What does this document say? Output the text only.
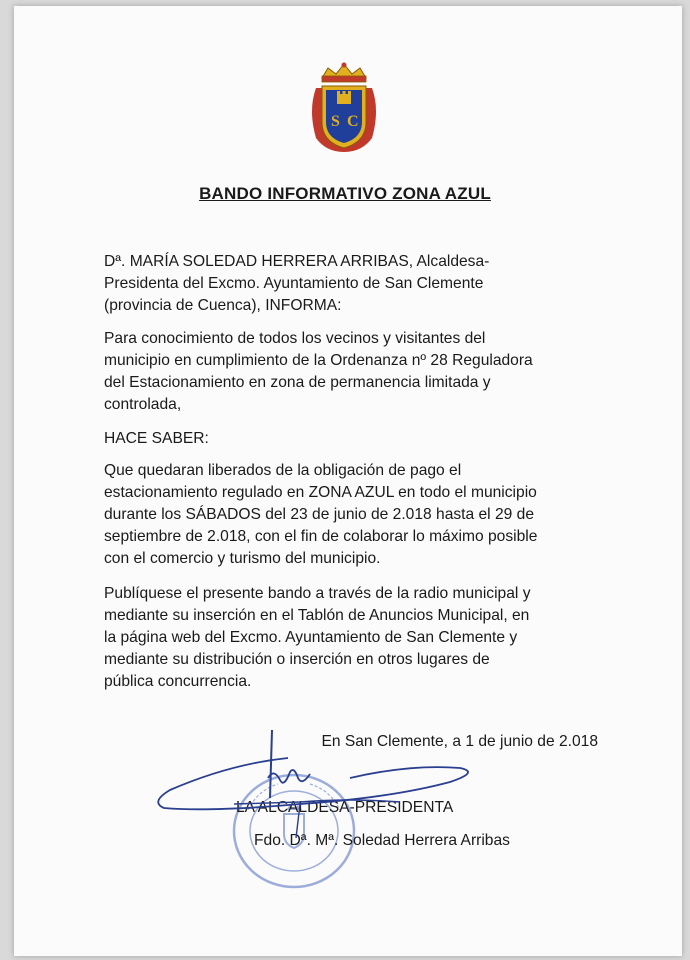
S C
BANDO INFORMATIVO ZONA AZUL

Dª. MARÍA SOLEDAD HERRERA ARRIBAS, Alcaldesa-
Presidenta del Excmo. Ayuntamiento de San Clemente
(provincia de Cuenca), INFORMA:

Para conocimiento de todos los vecinos y visitantes del
municipio en cumplimiento de la Ordenanza nº 28 Reguladora
del Estacionamiento en zona de permanencia limitada y
controlada,

HACE SABER:

Que quedaran liberados de la obligación de pago el
estacionamiento regulado en ZONA AZUL en todo el municipio
durante los SÁBADOS del 23 de junio de 2.018 hasta el 29 de
septiembre de 2.018, con el fin de colaborar lo máximo posible
con el comercio y turismo del municipio.

Publíquese el presente bando a través de la radio municipal y
mediante su inserción en el Tablón de Anuncios Municipal, en
la página web del Excmo. Ayuntamiento de San Clemente y
mediante su distribución o inserción en otros lugares de
pública concurrencia.

En San Clemente, a 1 de junio de 2.018
LA ALCALDESA-PRESIDENTA
Fdo. Dª. Mª. Soledad Herrera Arribas
